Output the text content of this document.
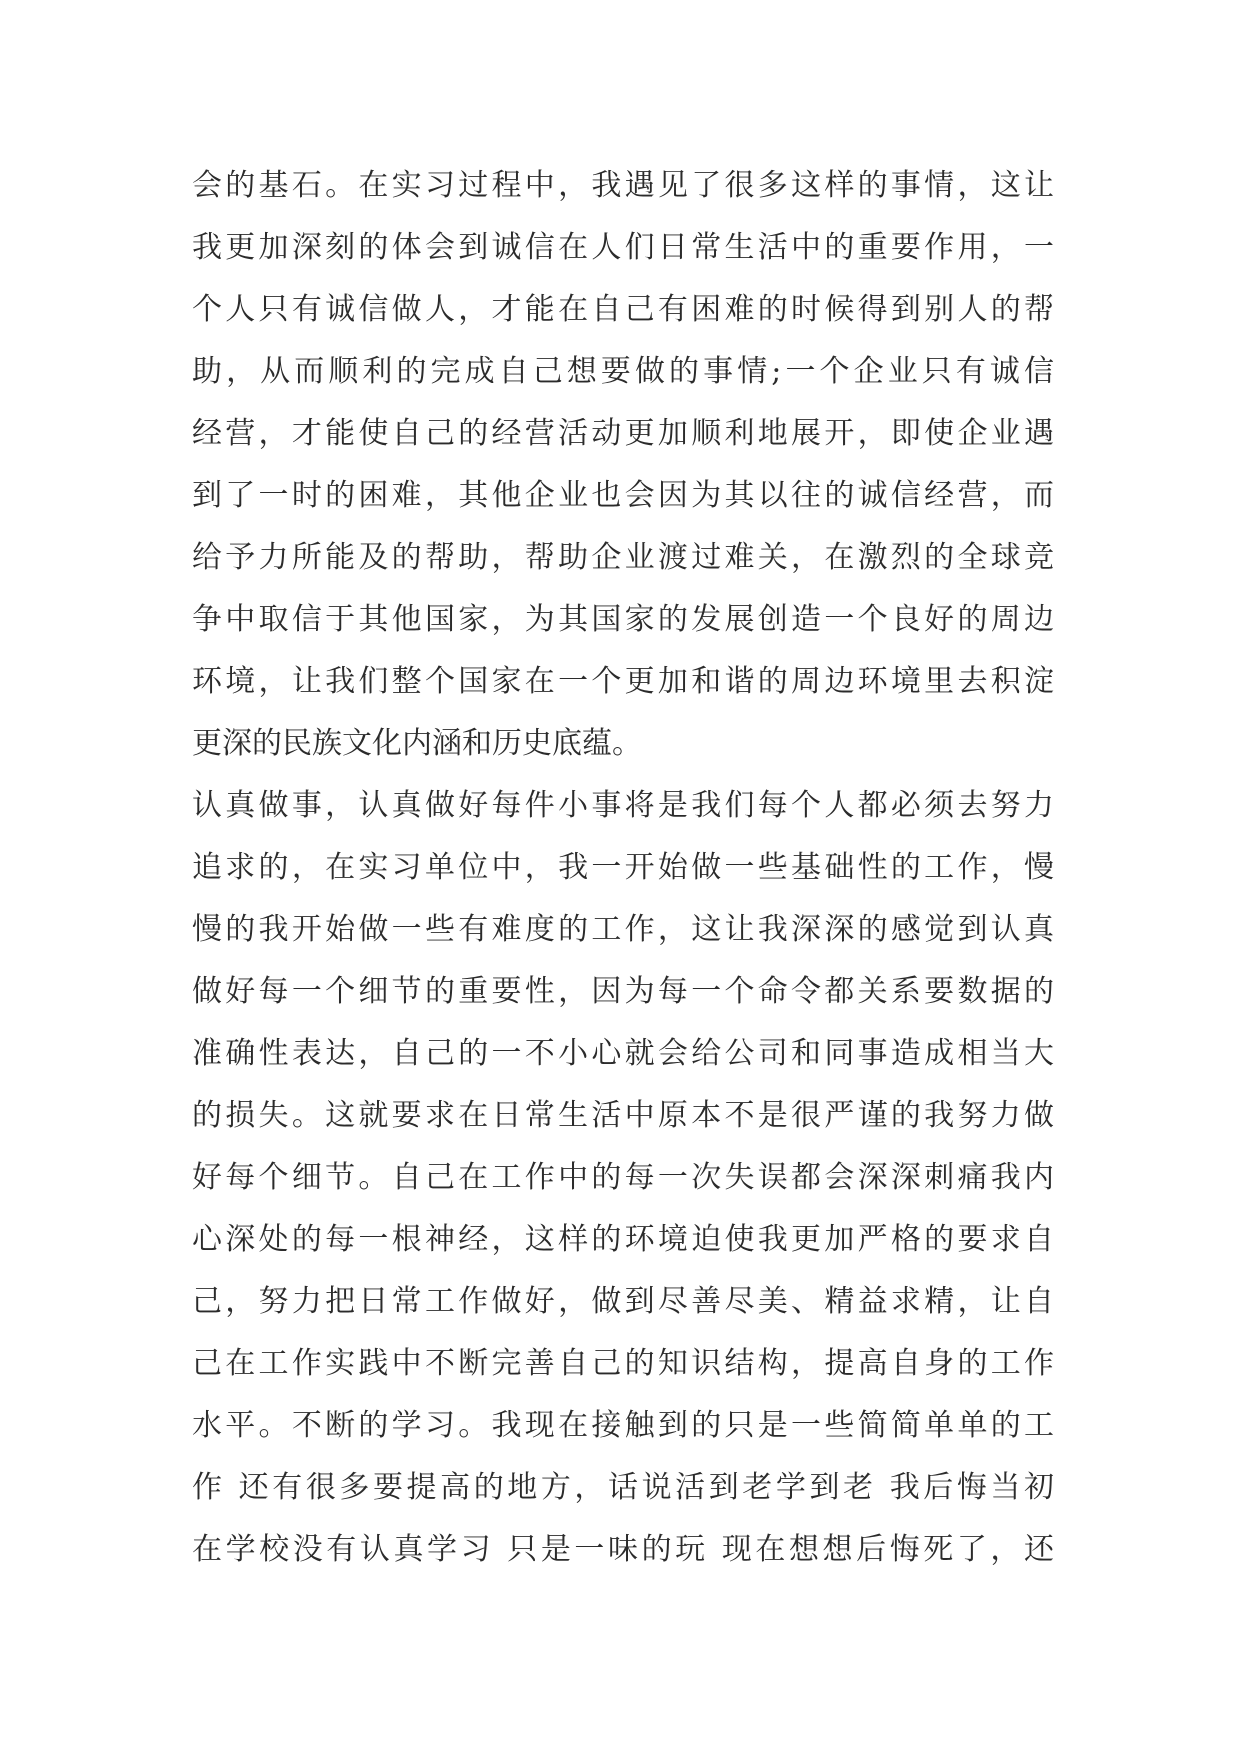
会的基石。在实习过程中，我遇见了很多这样的事情，这让
我更加深刻的体会到诚信在人们日常生活中的重要作用，一
个人只有诚信做人，才能在自己有困难的时候得到别人的帮
助，从而顺利的完成自己想要做的事情;一个企业只有诚信
经营，才能使自己的经营活动更加顺利地展开，即使企业遇
到了一时的困难，其他企业也会因为其以往的诚信经营，而
给予力所能及的帮助，帮助企业渡过难关，在激烈的全球竞
争中取信于其他国家，为其国家的发展创造一个良好的周边
环境，让我们整个国家在一个更加和谐的周边环境里去积淀
更深的民族文化内涵和历史底蕴。
认真做事，认真做好每件小事将是我们每个人都必须去努力
追求的，在实习单位中，我一开始做一些基础性的工作，慢
慢的我开始做一些有难度的工作，这让我深深的感觉到认真
做好每一个细节的重要性，因为每一个命令都关系要数据的
准确性表达，自己的一不小心就会给公司和同事造成相当大
的损失。这就要求在日常生活中原本不是很严谨的我努力做
好每个细节。自己在工作中的每一次失误都会深深刺痛我内
心深处的每一根神经，这样的环境迫使我更加严格的要求自
己，努力把日常工作做好，做到尽善尽美、精益求精，让自
己在工作实践中不断完善自己的知识结构，提高自身的工作
水平。不断的学习。我现在接触到的只是一些简简单单的工
作 还有很多要提高的地方，话说活到老学到老 我后悔当初
在学校没有认真学习 只是一味的玩 现在想想后悔死了，还
